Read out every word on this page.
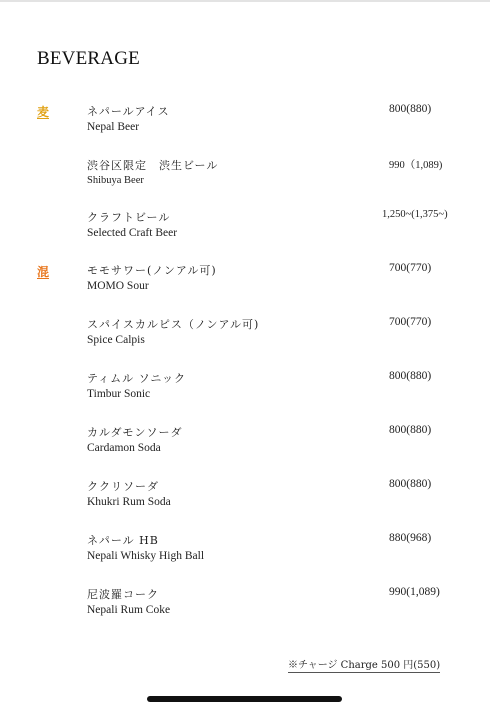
BEVERAGE
麦
混
ネパールアイス
Nepal Beer
800(880)
渋谷区限定　渋生ビール
Shibuya Beer
990（1,089)
クラフトビール
Selected Craft Beer
1,250~(1,375~)
モモサワー(ノンアル可)
MOMO Sour
700(770)
スパイスカルピス（ノンアル可)
Spice Calpis
700(770)
ティムル ソニック
Timbur Sonic
800(880)
カルダモンソーダ
Cardamon Soda
800(880)
ククリソーダ
Khukri Rum Soda
800(880)
ネパール HB
Nepali Whisky High Ball
880(968)
尼波羅コーク
Nepali Rum Coke
990(1,089)
※チャージ Charge 500 円(550)
